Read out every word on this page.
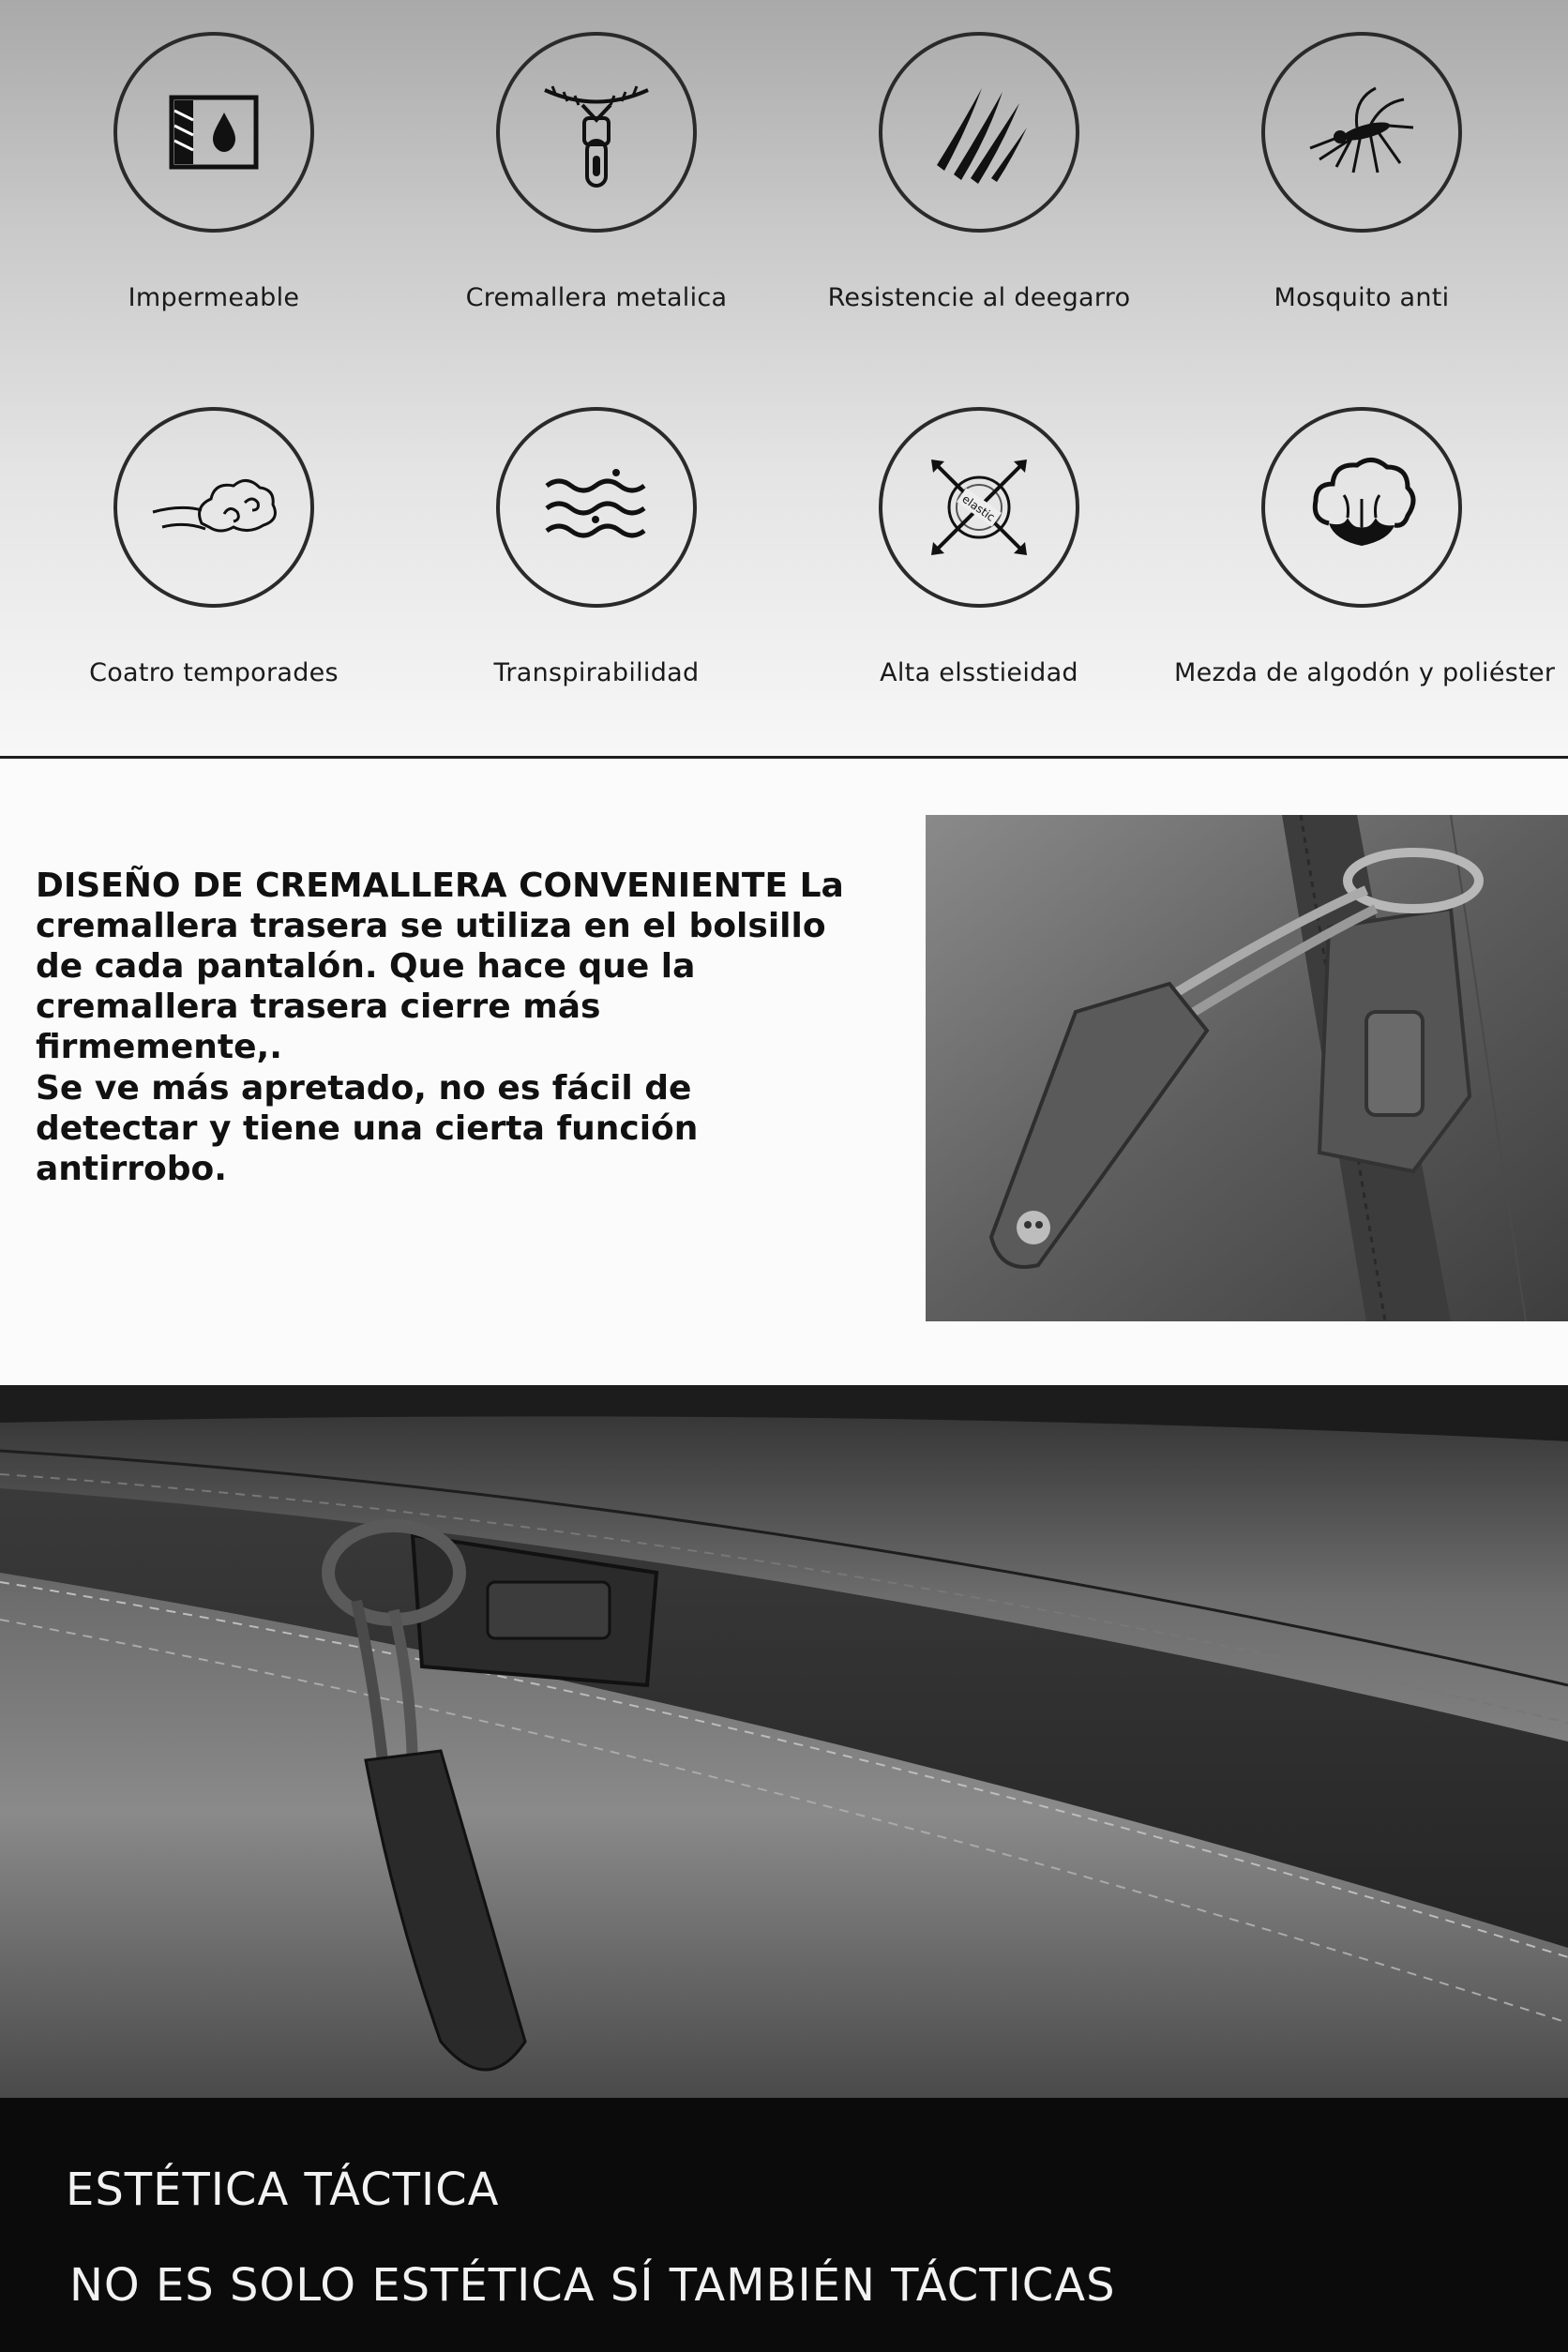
Impermeable	Cremallera metalica	Resistencie al deegarro	Mosquito anti
Coatro temporades	Transpirabilidad
elastic
Alta elsstieidad	Mezda de algodón y poliéster

DISEÑO DE CREMALLERA CONVENIENTE La cremallera trasera se utiliza en el bolsillo de cada pantalón. Que hace que la cremallera trasera cierre más firmemente,.

Se ve más apretado, no es fácil de detectar y tiene una cierta función antirrobo.

ESTÉTICA TÁCTICA
NO ES SOLO ESTÉTICA SÍ TAMBIÉN TÁCTICAS
